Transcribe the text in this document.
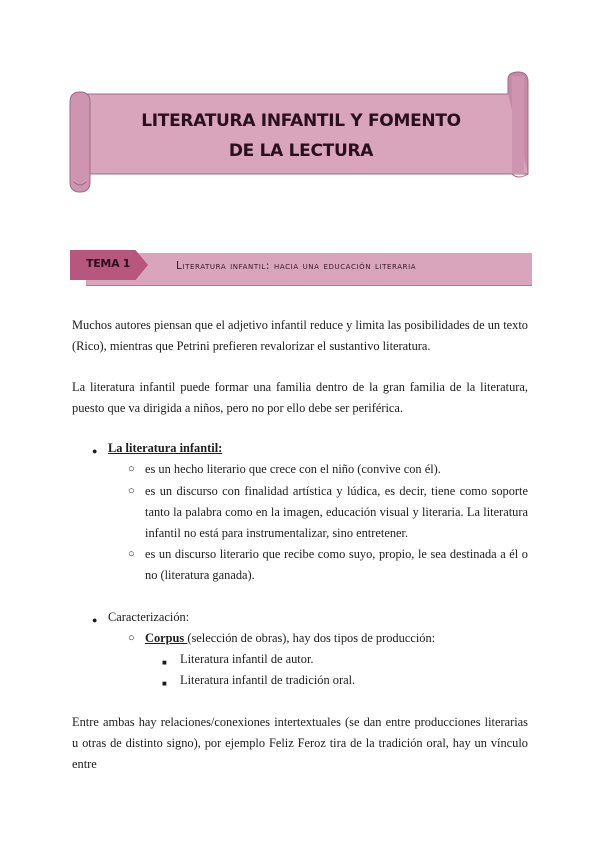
LITERATURA INFANTIL Y FOMENTO DE LA LECTURA
TEMA 1	Literatura infantil: hacia una educación literaria
Muchos autores piensan que el adjetivo infantil reduce y limita las posibilidades de un texto (Rico), mientras que Petrini prefieren revalorizar el sustantivo literatura.
La literatura infantil puede formar una familia dentro de la gran familia de la literatura, puesto que va dirigida a niños, pero no por ello debe ser periférica.
● La literatura infantil:
○ es un hecho literario que crece con el niño (convive con él).
○ es un discurso con finalidad artística y lúdica, es decir, tiene como soporte tanto la palabra como en la imagen, educación visual y literaria. La literatura infantil no está para instrumentalizar, sino entretener.
○ es un discurso literario que recibe como suyo, propio, le sea destinada a él o no (literatura ganada).
● Caracterización:
○ Corpus (selección de obras), hay dos tipos de producción:
■ Literatura infantil de autor.
■ Literatura infantil de tradición oral.
Entre ambas hay relaciones/conexiones intertextuales (se dan entre producciones literarias u otras de distinto signo), por ejemplo Feliz Feroz tira de la tradición oral, hay un vínculo entre
